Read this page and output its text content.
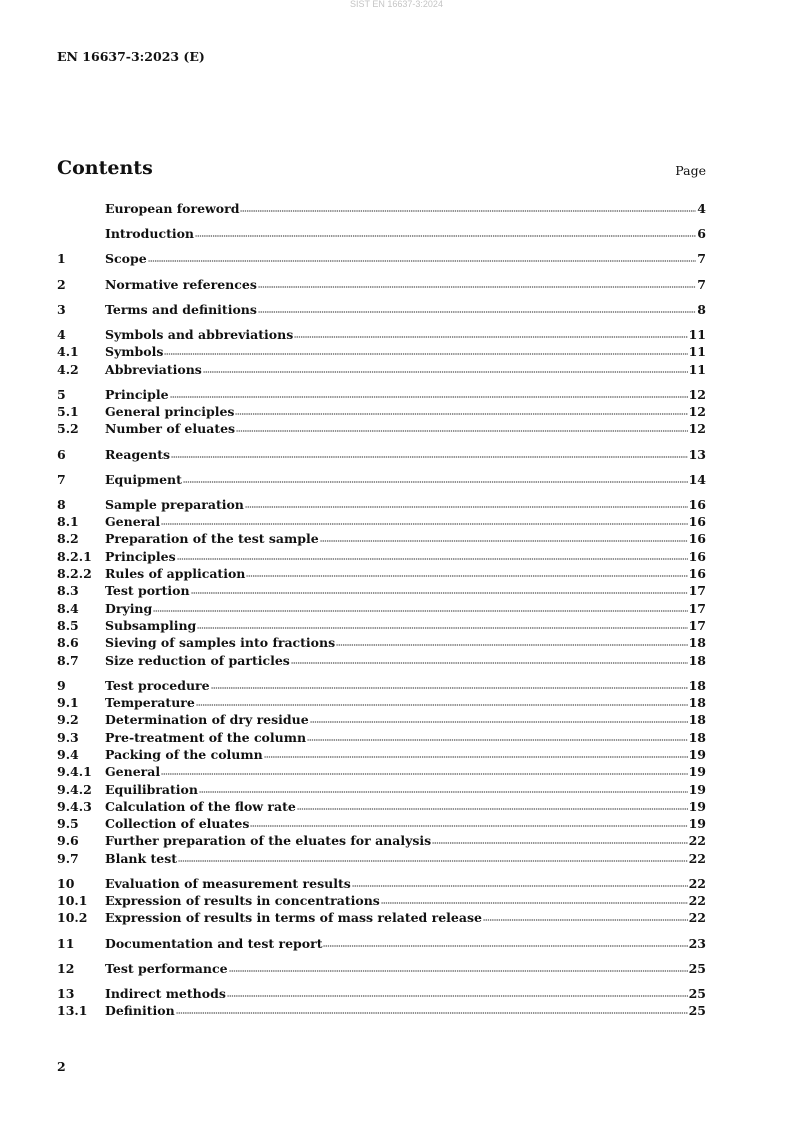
SIST EN 16637-3:2024
EN 16637-3:2023 (E)
Contents	Page
European foreword	4
Introduction	6
1	Scope	7
2	Normative references	7
3	Terms and definitions	8
4	Symbols and abbreviations	11
4.1	Symbols	11
4.2	Abbreviations	11
5	Principle	12
5.1	General principles	12
5.2	Number of eluates	12
6	Reagents	13
7	Equipment	14
8	Sample preparation	16
8.1	General	16
8.2	Preparation of the test sample	16
8.2.1	Principles	16
8.2.2	Rules of application	16
8.3	Test portion	17
8.4	Drying	17
8.5	Subsampling	17
8.6	Sieving of samples into fractions	18
8.7	Size reduction of particles	18
9	Test procedure	18
9.1	Temperature	18
9.2	Determination of dry residue	18
9.3	Pre-treatment of the column	18
9.4	Packing of the column	19
9.4.1	General	19
9.4.2	Equilibration	19
9.4.3	Calculation of the flow rate	19
9.5	Collection of eluates	19
9.6	Further preparation of the eluates for analysis	22
9.7	Blank test	22
10	Evaluation of measurement results	22
10.1	Expression of results in concentrations	22
10.2	Expression of results in terms of mass related release	22
11	Documentation and test report	23
12	Test performance	25
13	Indirect methods	25
13.1	Definition	25
2
